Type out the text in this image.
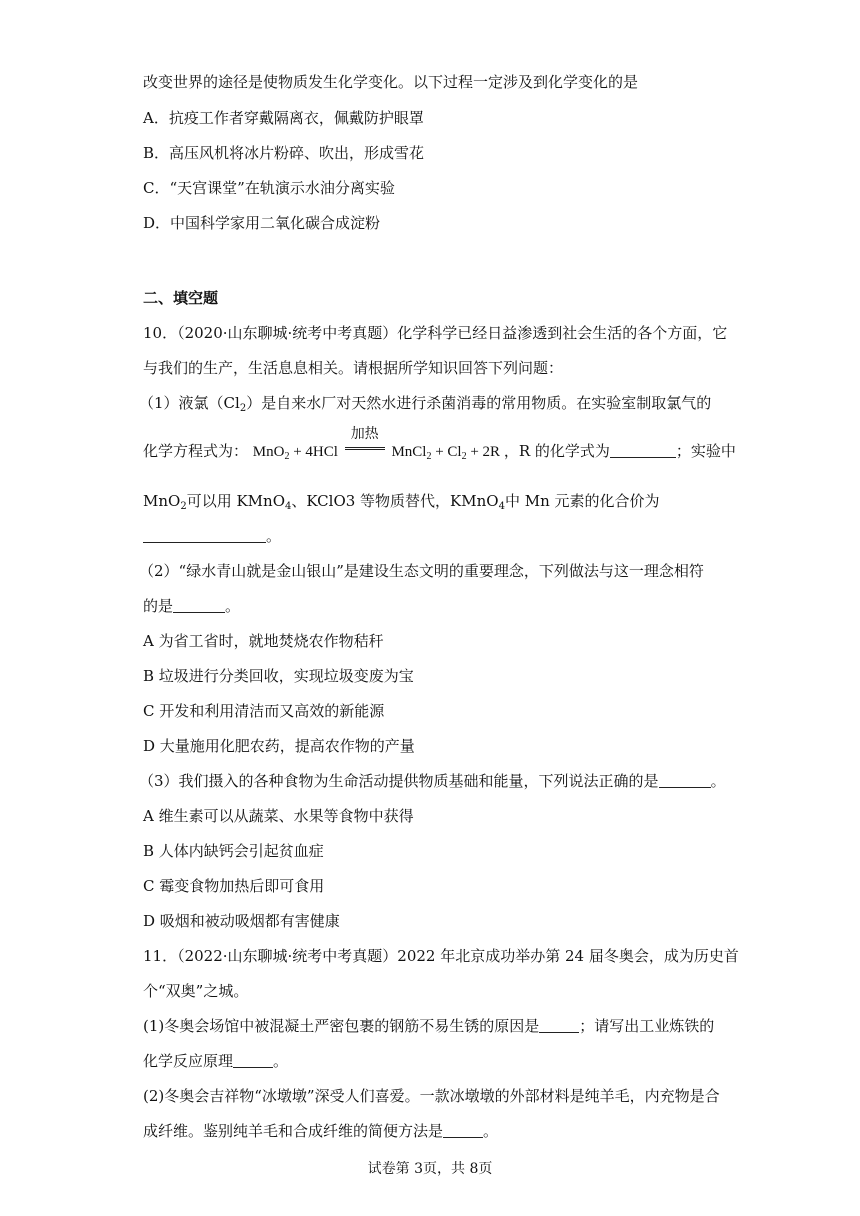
改变世界的途径是使物质发生化学变化。以下过程一定涉及到化学变化的是
A．抗疫工作者穿戴隔离衣，佩戴防护眼罩
B．高压风机将冰片粉碎、吹出，形成雪花
C．“天宫课堂”在轨演示水油分离实验
D．中国科学家用二氧化碳合成淀粉
二、填空题
10．（2020·山东聊城·统考中考真题）化学科学已经日益渗透到社会生活的各个方面，它
与我们的生产，生活息息相关。请根据所学知识回答下列问题：
（1）液氯$(Cl_2)$是自来水厂对天然水进行杀菌消毒的常用物质。在实验室制取氯气的
化学方程式为： MnO$_2$ + 4HCl
加热
MnCl$_2$ + $Cl_2 + 2R$ ，R 的化学式为	；实验中
MnO$_2$可以用 KMnO$_4$、KClO3 等物质替代，KMnO$_4$中 Mn 元素的化合价为
。
（2）“绿水青山就是金山银山”是建设生态文明的重要理念，下列做法与这一理念相符
的是	。
A 为省工省时，就地焚烧农作物秸秆
B 垃圾进行分类回收，实现垃圾变废为宝
C 开发和利用清洁而又高效的新能源
D 大量施用化肥农药，提高农作物的产量
（3）我们摄入的各种食物为生命活动提供物质基础和能量，下列说法正确的是	。
A 维生素可以从蔬菜、水果等食物中获得
B 人体内缺钙会引起贫血症
C 霉变食物加热后即可食用
D 吸烟和被动吸烟都有害健康
11．（2022·山东聊城·统考中考真题）2022 年北京成功举办第 24 届冬奥会，成为历史首
个“双奥”之城。
(1)冬奥会场馆中被混凝土严密包裹的钢筋不易生锈的原因是	；请写出工业炼铁的
化学反应原理	。
(2)冬奥会吉祥物“冰墩墩”深受人们喜爱。一款冰墩墩的外部材料是纯羊毛，内充物是合
成纤维。鉴别纯羊毛和合成纤维的简便方法是	。
试卷第 3页，共 8页
